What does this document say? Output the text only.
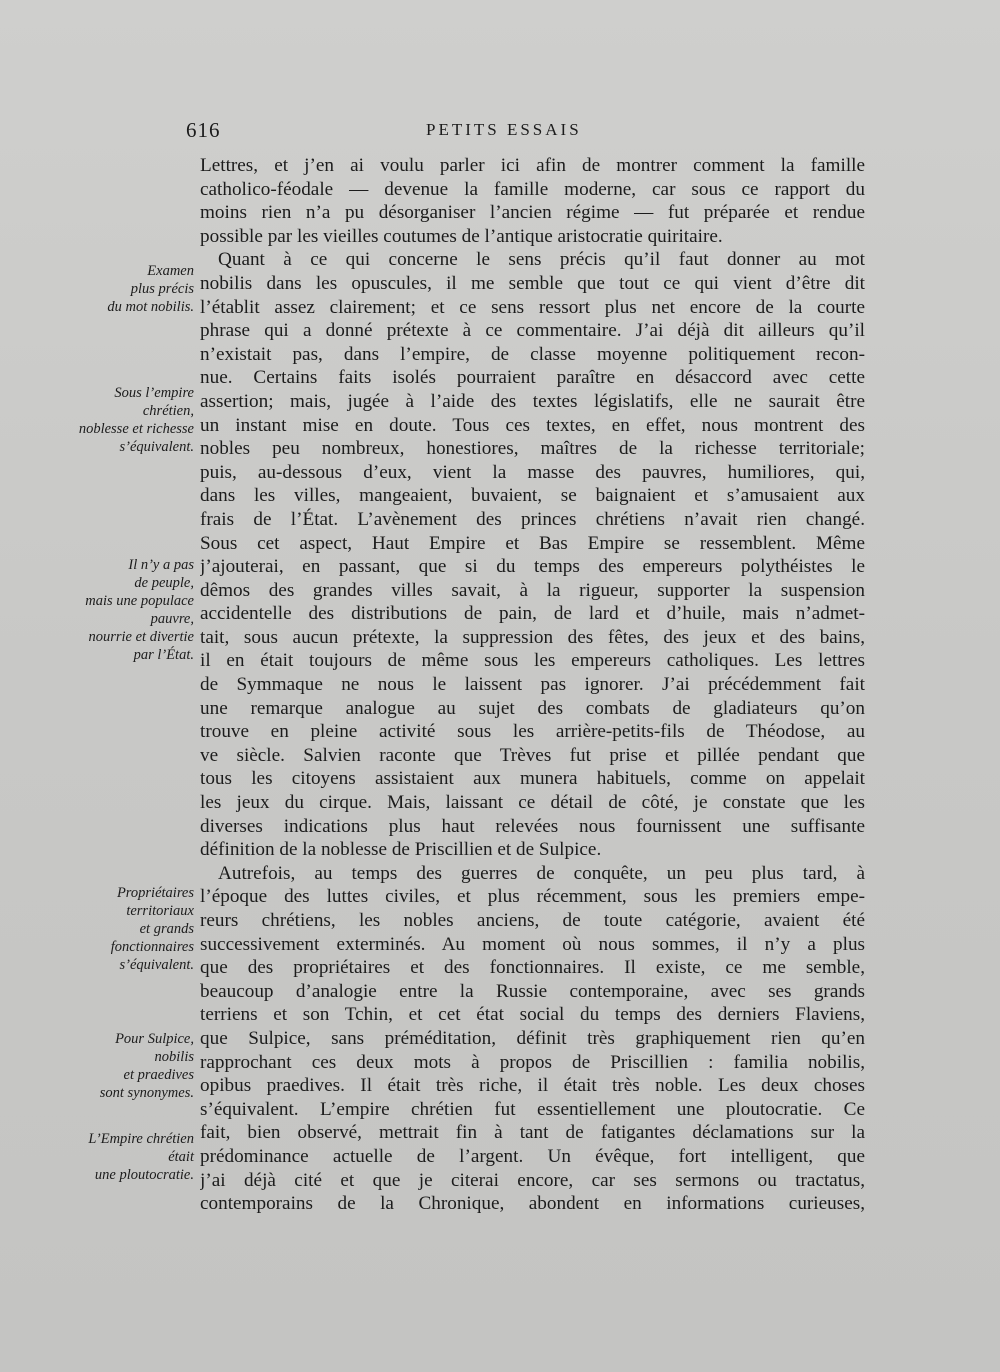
616	PETITS ESSAIS
Lettres, et j’en ai voulu parler ici afin de montrer comment la famille
catholico-féodale — devenue la famille moderne, car sous ce rapport du
moins rien n’a pu désorganiser l’ancien régime — fut préparée et rendue
possible par les vieilles coutumes de l’antique aristocratie quiritaire.
Quant à ce qui concerne le sens précis qu’il faut donner au mot
nobilis dans les opuscules, il me semble que tout ce qui vient d’être dit
l’établit assez clairement; et ce sens ressort plus net encore de la courte
phrase qui a donné prétexte à ce commentaire. J’ai déjà dit ailleurs qu’il
n’existait pas, dans l’empire, de classe moyenne politiquement recon-
nue. Certains faits isolés pourraient paraître en désaccord avec cette
assertion; mais, jugée à l’aide des textes législatifs, elle ne saurait être
un instant mise en doute. Tous ces textes, en effet, nous montrent des
nobles peu nombreux, honestiores, maîtres de la richesse territoriale;
puis, au-dessous d’eux, vient la masse des pauvres, humiliores, qui,
dans les villes, mangeaient, buvaient, se baignaient et s’amusaient aux
frais de l’État. L’avènement des princes chrétiens n’avait rien changé.
Sous cet aspect, Haut Empire et Bas Empire se ressemblent. Même
j’ajouterai, en passant, que si du temps des empereurs polythéistes le
dêmos des grandes villes savait, à la rigueur, supporter la suspension
accidentelle des distributions de pain, de lard et d’huile, mais n’admet-
tait, sous aucun prétexte, la suppression des fêtes, des jeux et des bains,
il en était toujours de même sous les empereurs catholiques. Les lettres
de Symmaque ne nous le laissent pas ignorer. J’ai précédemment fait
une remarque analogue au sujet des combats de gladiateurs qu’on
trouve en pleine activité sous les arrière-petits-fils de Théodose, au
ve siècle. Salvien raconte que Trèves fut prise et pillée pendant que
tous les citoyens assistaient aux munera habituels, comme on appelait
les jeux du cirque. Mais, laissant ce détail de côté, je constate que les
diverses indications plus haut relevées nous fournissent une suffisante
définition de la noblesse de Priscillien et de Sulpice.
Autrefois, au temps des guerres de conquête, un peu plus tard, à
l’époque des luttes civiles, et plus récemment, sous les premiers empe-
reurs chrétiens, les nobles anciens, de toute catégorie, avaient été
successivement exterminés. Au moment où nous sommes, il n’y a plus
que des propriétaires et des fonctionnaires. Il existe, ce me semble,
beaucoup d’analogie entre la Russie contemporaine, avec ses grands
terriens et son Tchin, et cet état social du temps des derniers Flaviens,
que Sulpice, sans préméditation, définit très graphiquement rien qu’en
rapprochant ces deux mots à propos de Priscillien : familia nobilis,
opibus praedives. Il était très riche, il était très noble. Les deux choses
s’équivalent. L’empire chrétien fut essentiellement une ploutocratie. Ce
fait, bien observé, mettrait fin à tant de fatigantes déclamations sur la
prédominance actuelle de l’argent. Un évêque, fort intelligent, que
j’ai déjà cité et que je citerai encore, car ses sermons ou tractatus,
contemporains de la Chronique, abondent en informations curieuses,
Examen
plus précis
du mot nobilis.
Sous l’empire
chrétien,
noblesse et richesse
s’équivalent.
Il n’y a pas
de peuple,
mais une populace
pauvre,
nourrie et divertie
par l’État.
Propriétaires
territoriaux
et grands
fonctionnaires
s’équivalent.
Pour Sulpice,
nobilis
et praedives
sont synonymes.
L’Empire chrétien
était
une ploutocratie.
